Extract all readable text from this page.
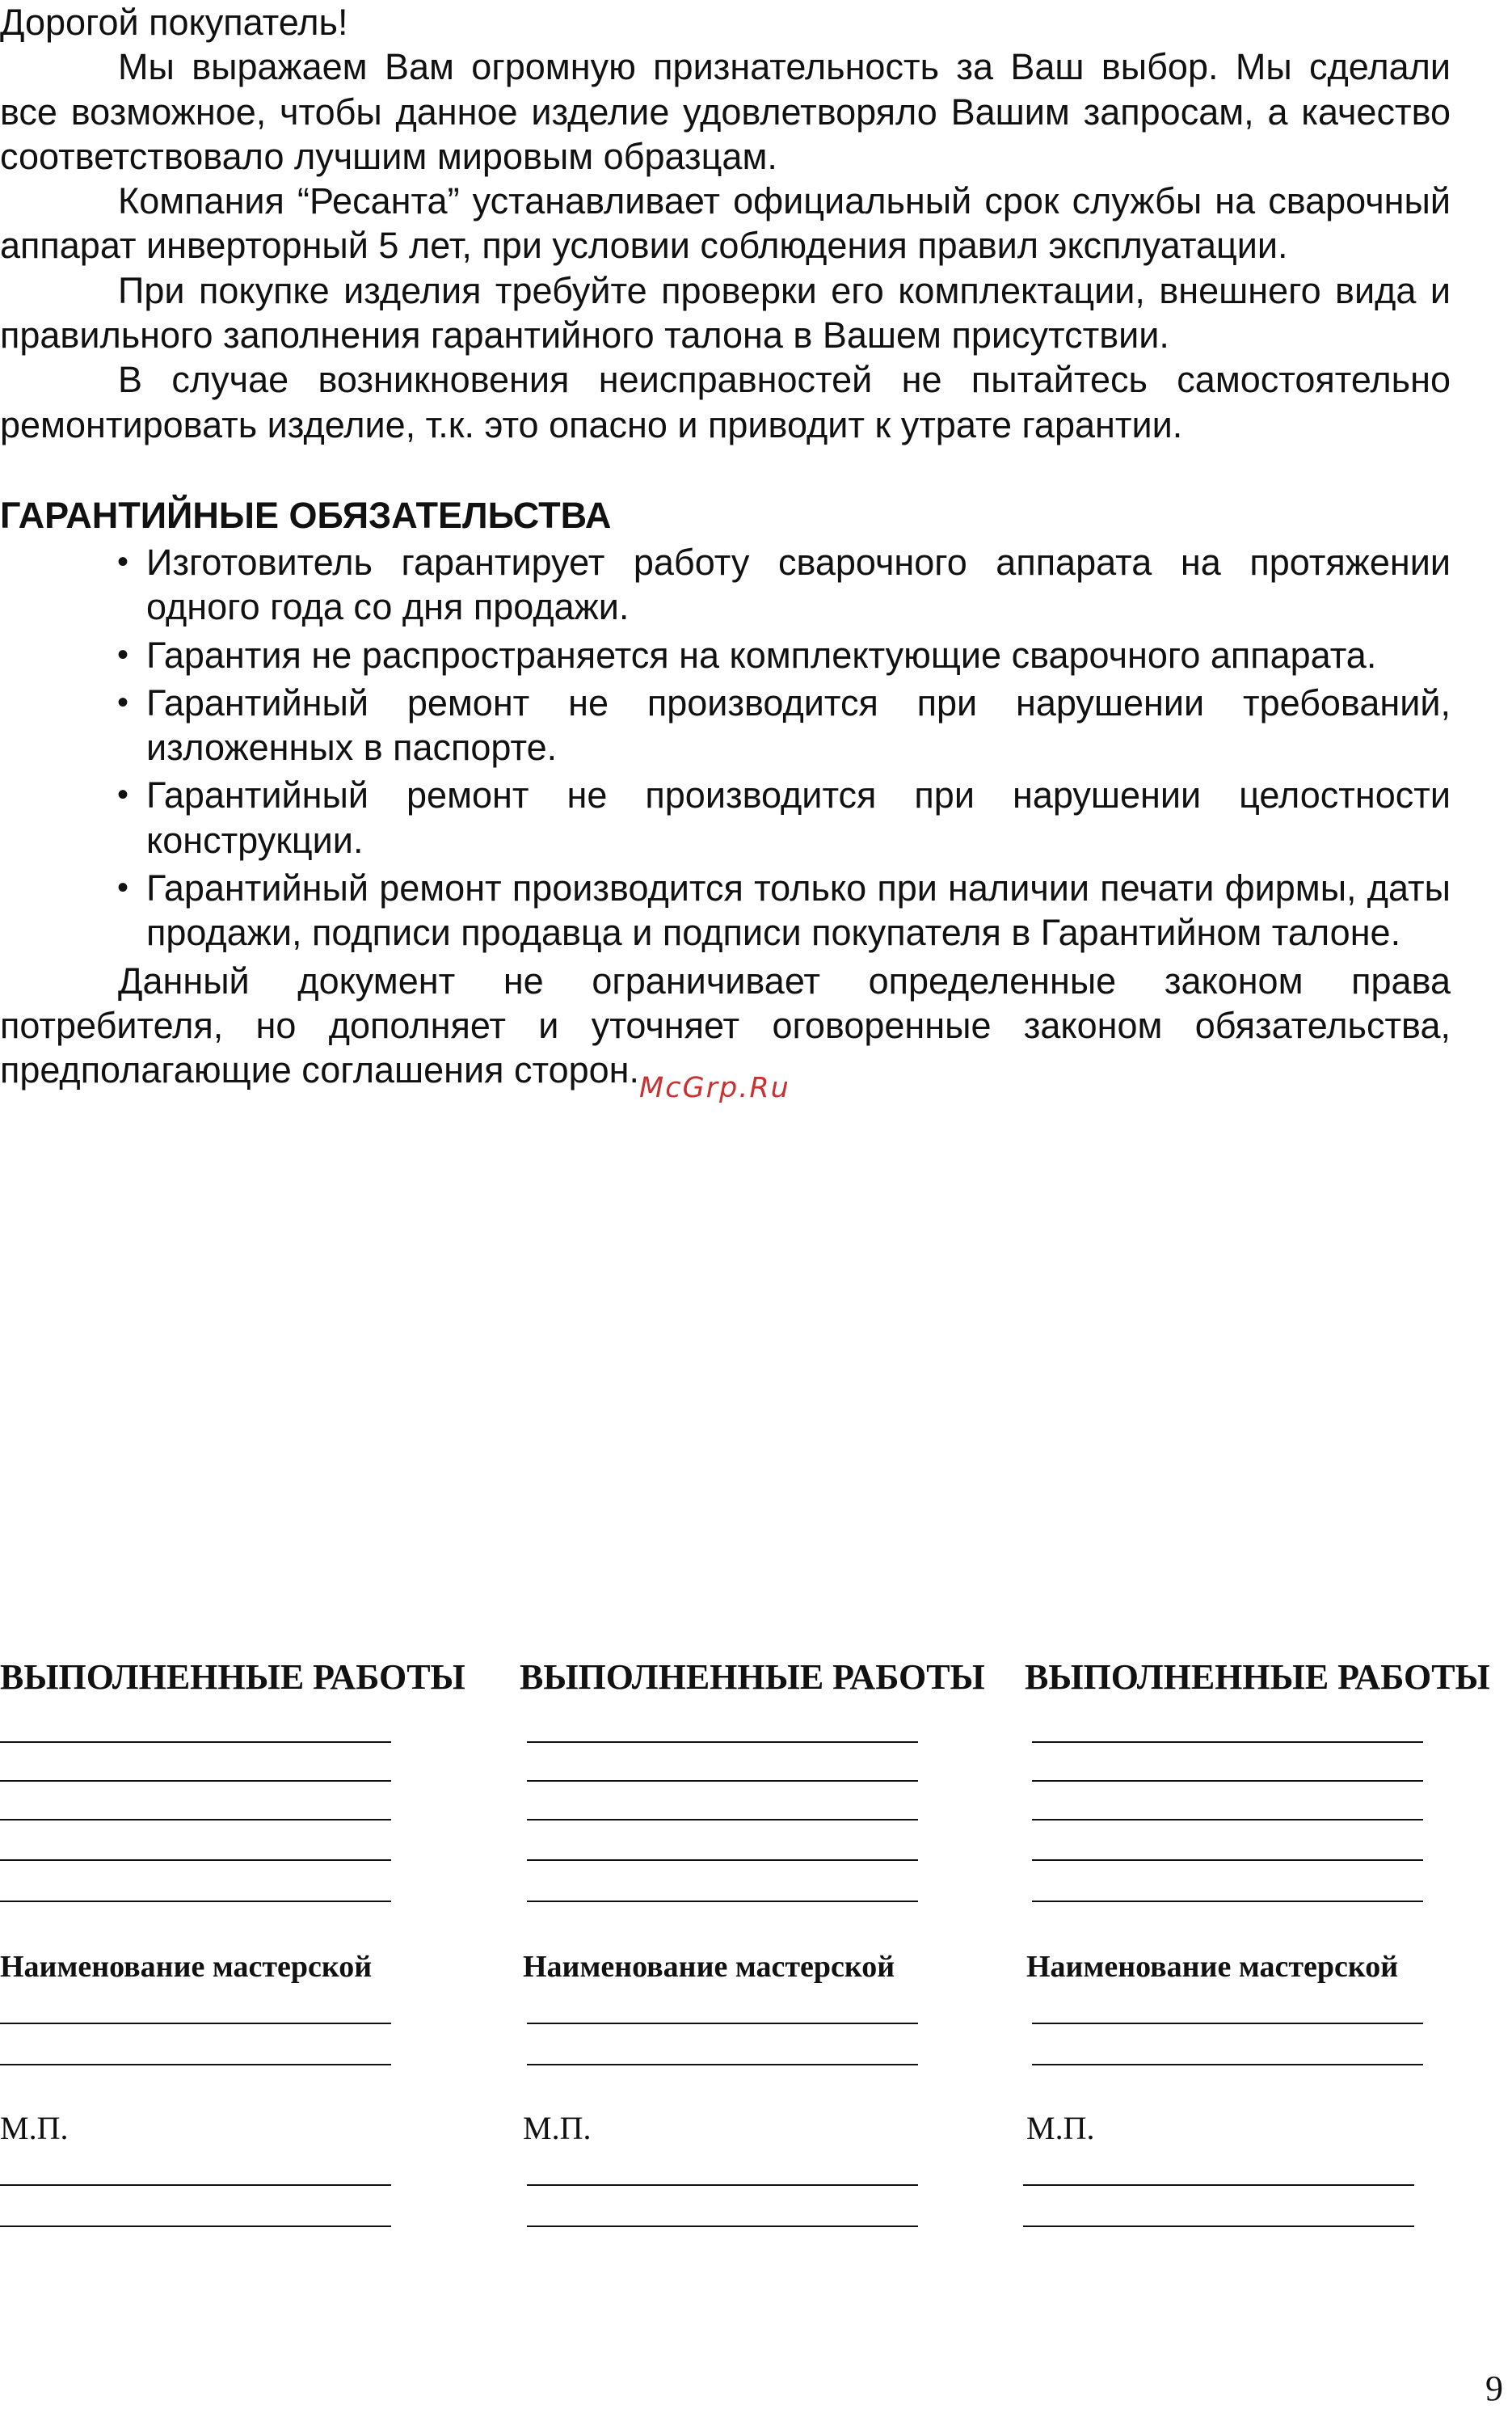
Дорогой покупатель!

Мы выражаем Вам огромную признательность за Ваш выбор. Мы сделали все возможное, чтобы данное изделие удовлетворяло Вашим запросам, а качество соответствовало лучшим мировым образцам.

Компания “Ресанта” устанавливает официальный срок службы на сварочный аппарат инверторный 5 лет, при условии соблюдения правил эксплуатации.

При покупке изделия требуйте проверки его комплектации, внешнего вида и правильного заполнения гарантийного талона в Вашем присутствии.

В случае возникновения неисправностей не пытайтесь самостоятельно ремонтировать изделие, т.к. это опасно и приводит к утрате гарантии.

ГАРАНТИЙНЫЕ ОБЯЗАТЕЛЬСТВА
• Изготовитель гарантирует работу сварочного аппарата на протяжении одного года со дня продажи.
• Гарантия не распространяется на комплектующие сварочного аппарата.
• Гарантийный ремонт не производится при нарушении требований, изложенных в паспорте.
• Гарантийный ремонт не производится при нарушении целостности конструкции.
• Гарантийный ремонт производится только при наличии печати фирмы, даты продажи, подписи продавца и подписи покупателя в Гарантийном талоне.

Данный документ не ограничивает определенные законом права потребителя, но дополняет и уточняет оговоренные законом обязательства, предполагающие соглашения $сторон._{McGrp.Ru}$

ВЫПОЛНЕННЫЕ РАБОТЫ
Наименование мастерской
М.П.
ВЫПОЛНЕННЫЕ РАБОТЫ
Наименование мастерской
М.П.
ВЫПОЛНЕННЫЕ РАБОТЫ
Наименование мастерской
М.П.
9
